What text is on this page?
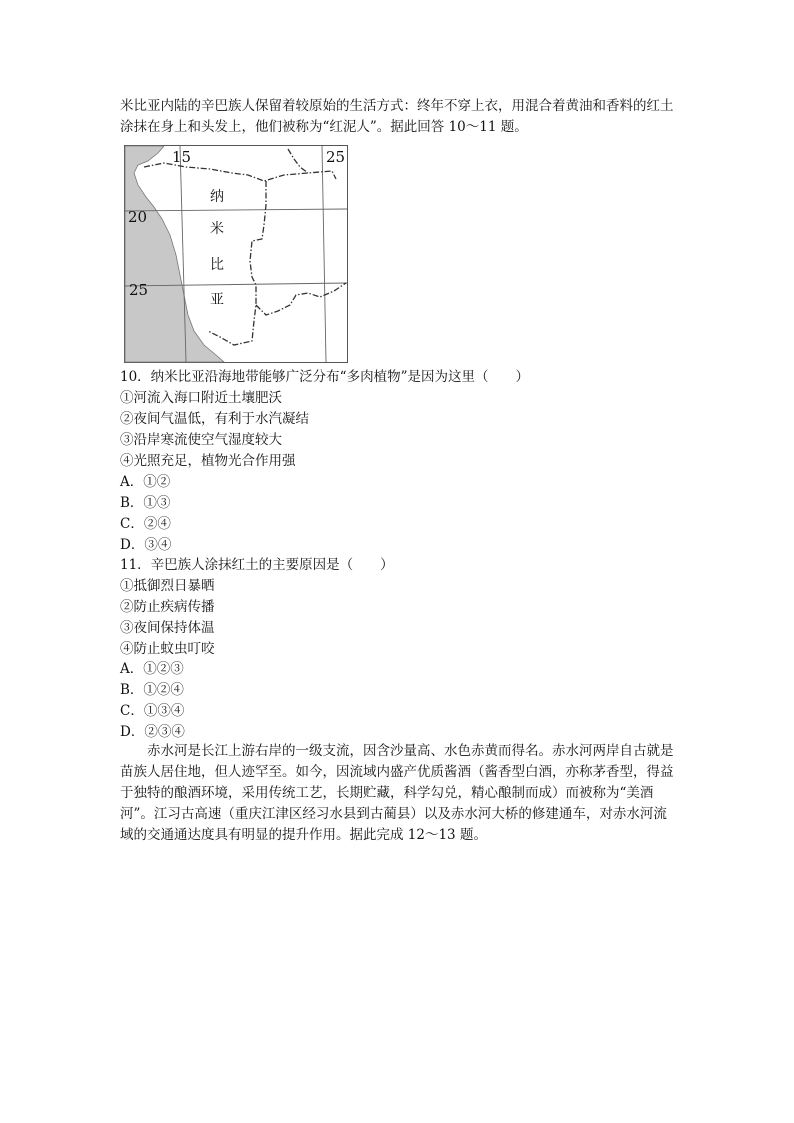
米比亚内陆的辛巴族人保留着较原始的生活方式：终年不穿上衣，用混合着黄油和香料的红土涂抹在身上和头发上，他们被称为“红泥人”。据此回答 10～11 题。

15	25
20
25
纳
米
比
亚

10．纳米比亚沿海地带能够广泛分布“多肉植物”是因为这里（　　）

①河流入海口附近土壤肥沃

②夜间气温低，有利于水汽凝结

③沿岸寒流使空气湿度较大

④光照充足，植物光合作用强

A．①②

B．①③

C．②④

D．③④

11．辛巴族人涂抹红土的主要原因是（　　）

①抵御烈日暴晒

②防止疾病传播

③夜间保持体温

④防止蚊虫叮咬

A．①②③

B．①②④

C．①③④

D．②③④

赤水河是长江上游右岸的一级支流，因含沙量高、水色赤黄而得名。赤水河两岸自古就是苗族人居住地，但人迹罕至。如今，因流域内盛产优质酱酒（酱香型白酒，亦称茅香型，得益于独特的酿酒环境，采用传统工艺，长期贮藏，科学勾兑，精心酿制而成）而被称为“美酒河”。江习古高速（重庆江津区经习水县到古蔺县）以及赤水河大桥的修建通车，对赤水河流域的交通通达度具有明显的提升作用。据此完成 12～13 题。
